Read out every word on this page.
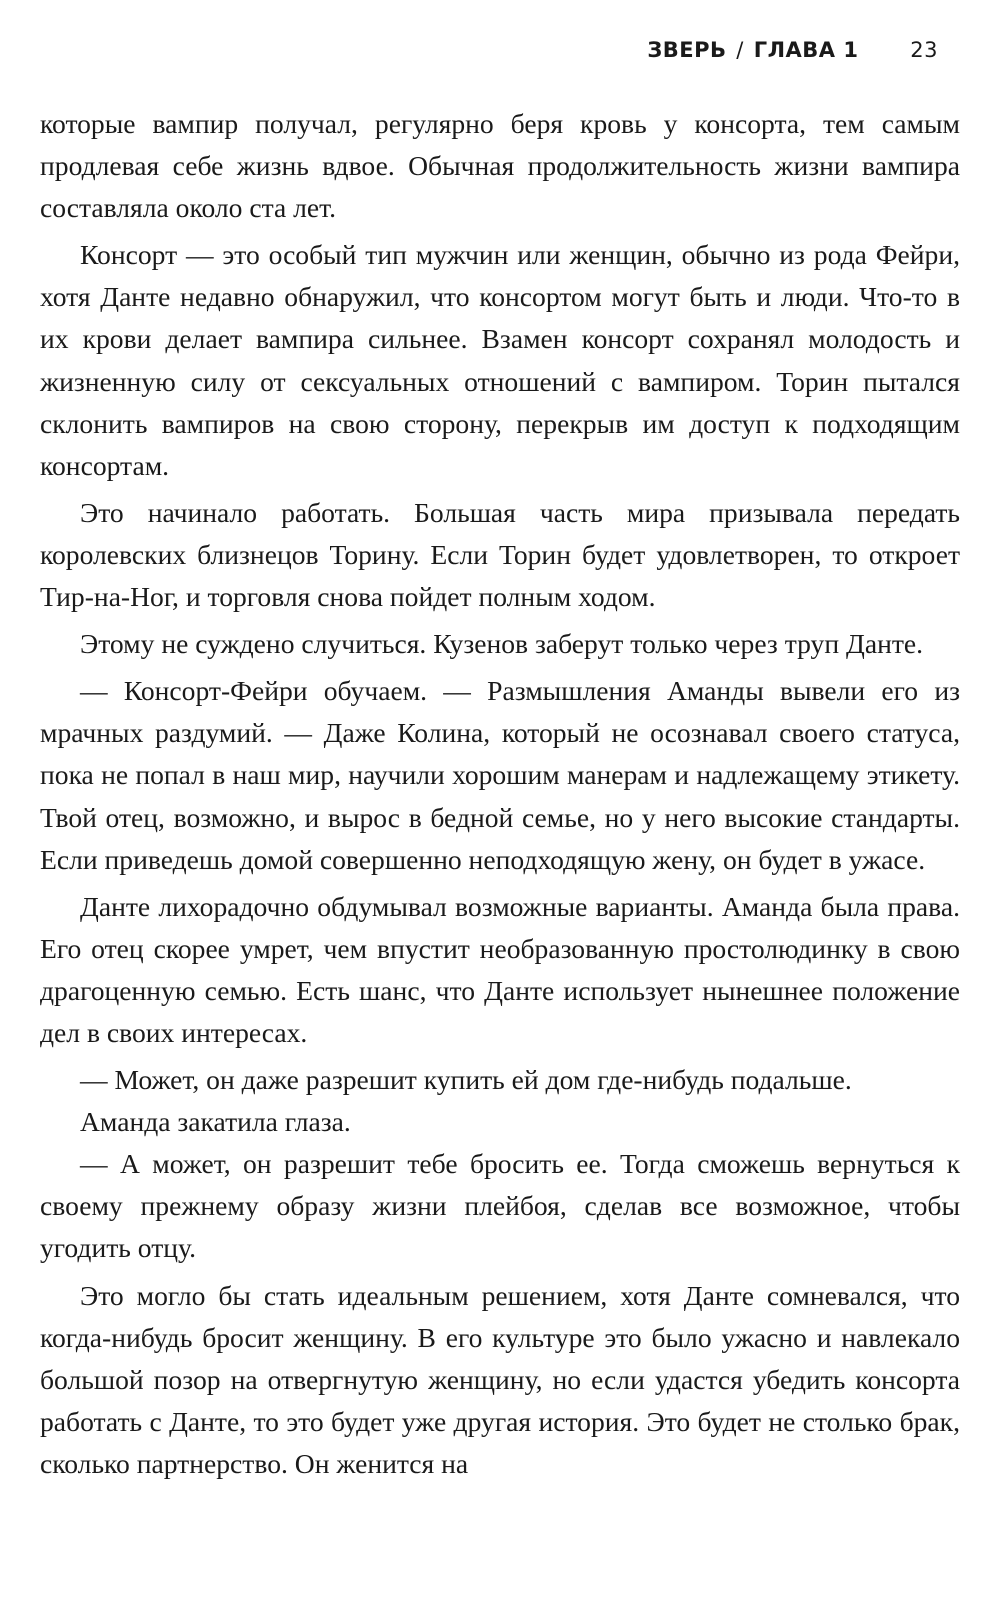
ЗВЕРЬ / ГЛАВА 1 23

которые вампир получал, регулярно беря кровь у консорта, тем самым продлевая себе жизнь вдвое. Обычная продолжительность жизни вампира составляла около ста лет.

Консорт — это особый тип мужчин или женщин, обычно из рода Фейри, хотя Данте недавно обнаружил, что консортом могут быть и люди. Что-то в их крови делает вампира сильнее. Взамен консорт сохранял молодость и жизненную силу от сексуальных отношений с вампиром. Торин пытался склонить вампиров на свою сторону, перекрыв им доступ к подходящим консортам.

Это начинало работать. Большая часть мира призывала передать королевских близнецов Торину. Если Торин будет удовлетворен, то откроет Тир-на-Ног, и торговля снова пойдет полным ходом.

Этому не суждено случиться. Кузенов заберут только через труп Данте.

— Консорт-Фейри обучаем. — Размышления Аманды вывели его из мрачных раздумий. — Даже Колина, который не осознавал своего статуса, пока не попал в наш мир, научили хорошим манерам и надлежащему этикету. Твой отец, возможно, и вырос в бедной семье, но у него высокие стандарты. Если приведешь домой совершенно неподходящую жену, он будет в ужасе.

Данте лихорадочно обдумывал возможные варианты. Аманда была права. Его отец скорее умрет, чем впустит необразованную простолюдинку в свою драгоценную семью. Есть шанс, что Данте использует нынешнее положение дел в своих интересах.

— Может, он даже разрешит купить ей дом где-нибудь подальше.

Аманда закатила глаза.

— А может, он разрешит тебе бросить ее. Тогда сможешь вернуться к своему прежнему образу жизни плейбоя, сделав все возможное, чтобы угодить отцу.

Это могло бы стать идеальным решением, хотя Данте сомневался, что когда-нибудь бросит женщину. В его культуре это было ужасно и навлекало большой позор на отвергнутую женщину, но если удастся убедить консорта работать с Данте, то это будет уже другая история. Это будет не столько брак, сколько партнерство. Он женится на
